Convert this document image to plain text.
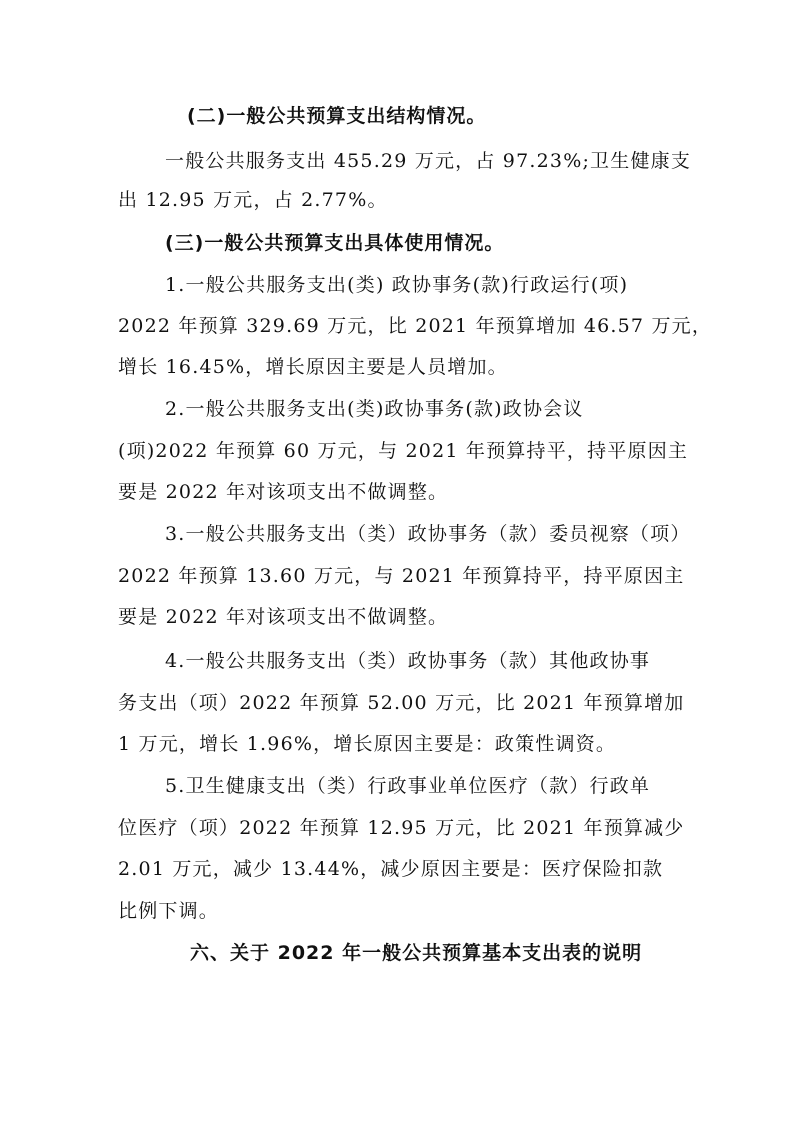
(二)一般公共预算支出结构情况。

一般公共服务支出 455.29 万元，占 97.23%;卫生健康支

出 12.95 万元，占 2.77%。

(三)一般公共预算支出具体使用情况。

1.一般公共服务支出(类) 政协事务(款)行政运行(项)

2022 年预算 329.69 万元，比 2021 年预算增加 46.57 万元，

增长 16.45%，增长原因主要是人员增加。

2.一般公共服务支出(类)政协事务(款)政协会议

(项)2022 年预算 60 万元，与 2021 年预算持平，持平原因主

要是 2022 年对该项支出不做调整。

3.一般公共服务支出（类）政协事务（款）委员视察（项）

2022 年预算 13.60 万元，与 2021 年预算持平，持平原因主

要是 2022 年对该项支出不做调整。

4.一般公共服务支出（类）政协事务（款）其他政协事

务支出（项）2022 年预算 52.00 万元，比 2021 年预算增加

1 万元，增长 1.96%，增长原因主要是：政策性调资。

5.卫生健康支出（类）行政事业单位医疗（款）行政单

位医疗（项）2022 年预算 12.95 万元，比 2021 年预算减少

2.01 万元，减少 13.44%，减少原因主要是：医疗保险扣款

比例下调。

六、关于 2022 年一般公共预算基本支出表的说明
